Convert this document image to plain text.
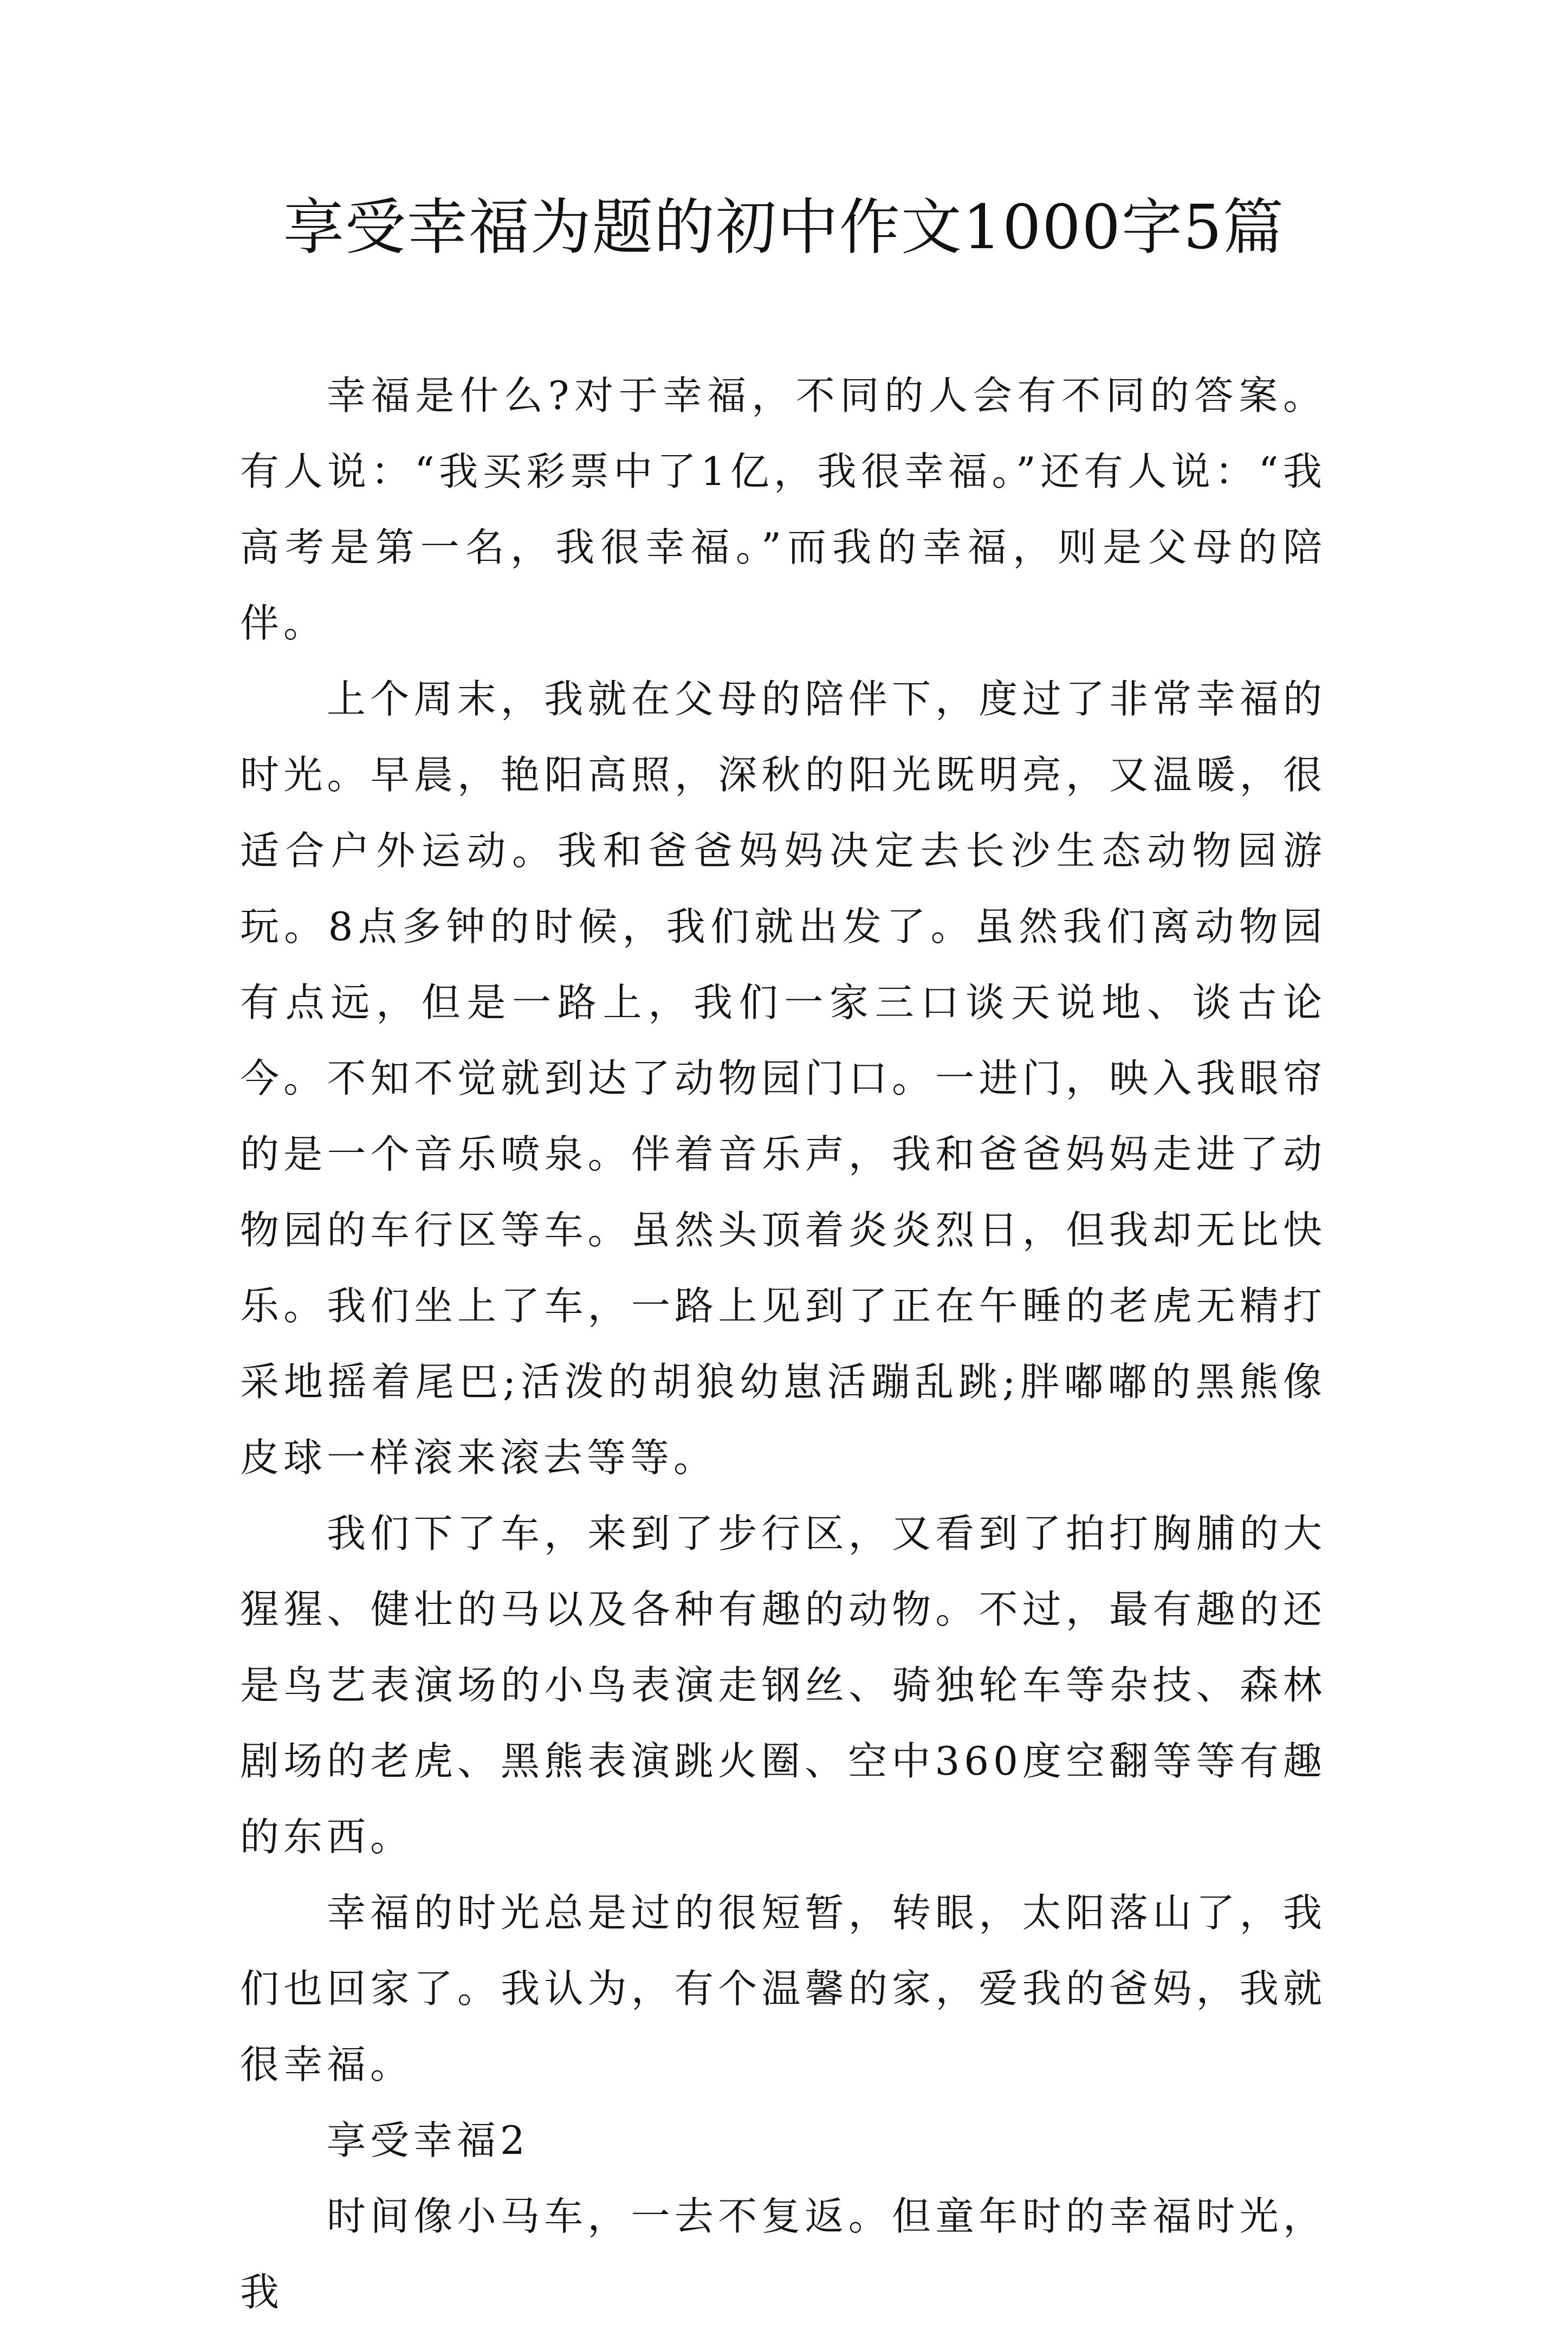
享受幸福为题的初中作文1000字5篇

幸福是什么?对于幸福，不同的人会有不同的答案。有人说：“我买彩票中了1亿，我很幸福。”还有人说：“我高考是第一名，我很幸福。”而我的幸福，则是父母的陪伴。

上个周末，我就在父母的陪伴下，度过了非常幸福的时光。早晨，艳阳高照，深秋的阳光既明亮，又温暖，很适合户外运动。我和爸爸妈妈决定去长沙生态动物园游玩。8点多钟的时候，我们就出发了。虽然我们离动物园有点远，但是一路上，我们一家三口谈天说地、谈古论今。不知不觉就到达了动物园门口。一进门，映入我眼帘的是一个音乐喷泉。伴着音乐声，我和爸爸妈妈走进了动物园的车行区等车。虽然头顶着炎炎烈日，但我却无比快乐。我们坐上了车，一路上见到了正在午睡的老虎无精打采地摇着尾巴;活泼的胡狼幼崽活蹦乱跳;胖嘟嘟的黑熊像皮球一样滚来滚去等等。

我们下了车，来到了步行区，又看到了拍打胸脯的大猩猩、健壮的马以及各种有趣的动物。不过，最有趣的还是鸟艺表演场的小鸟表演走钢丝、骑独轮车等杂技、森林剧场的老虎、黑熊表演跳火圈、空中360度空翻等等有趣的东西。

幸福的时光总是过的很短暂，转眼，太阳落山了，我们也回家了。我认为，有个温馨的家，爱我的爸妈，我就很幸福。

享受幸福2

时间像小马车，一去不复返。但童年时的幸福时光，我
